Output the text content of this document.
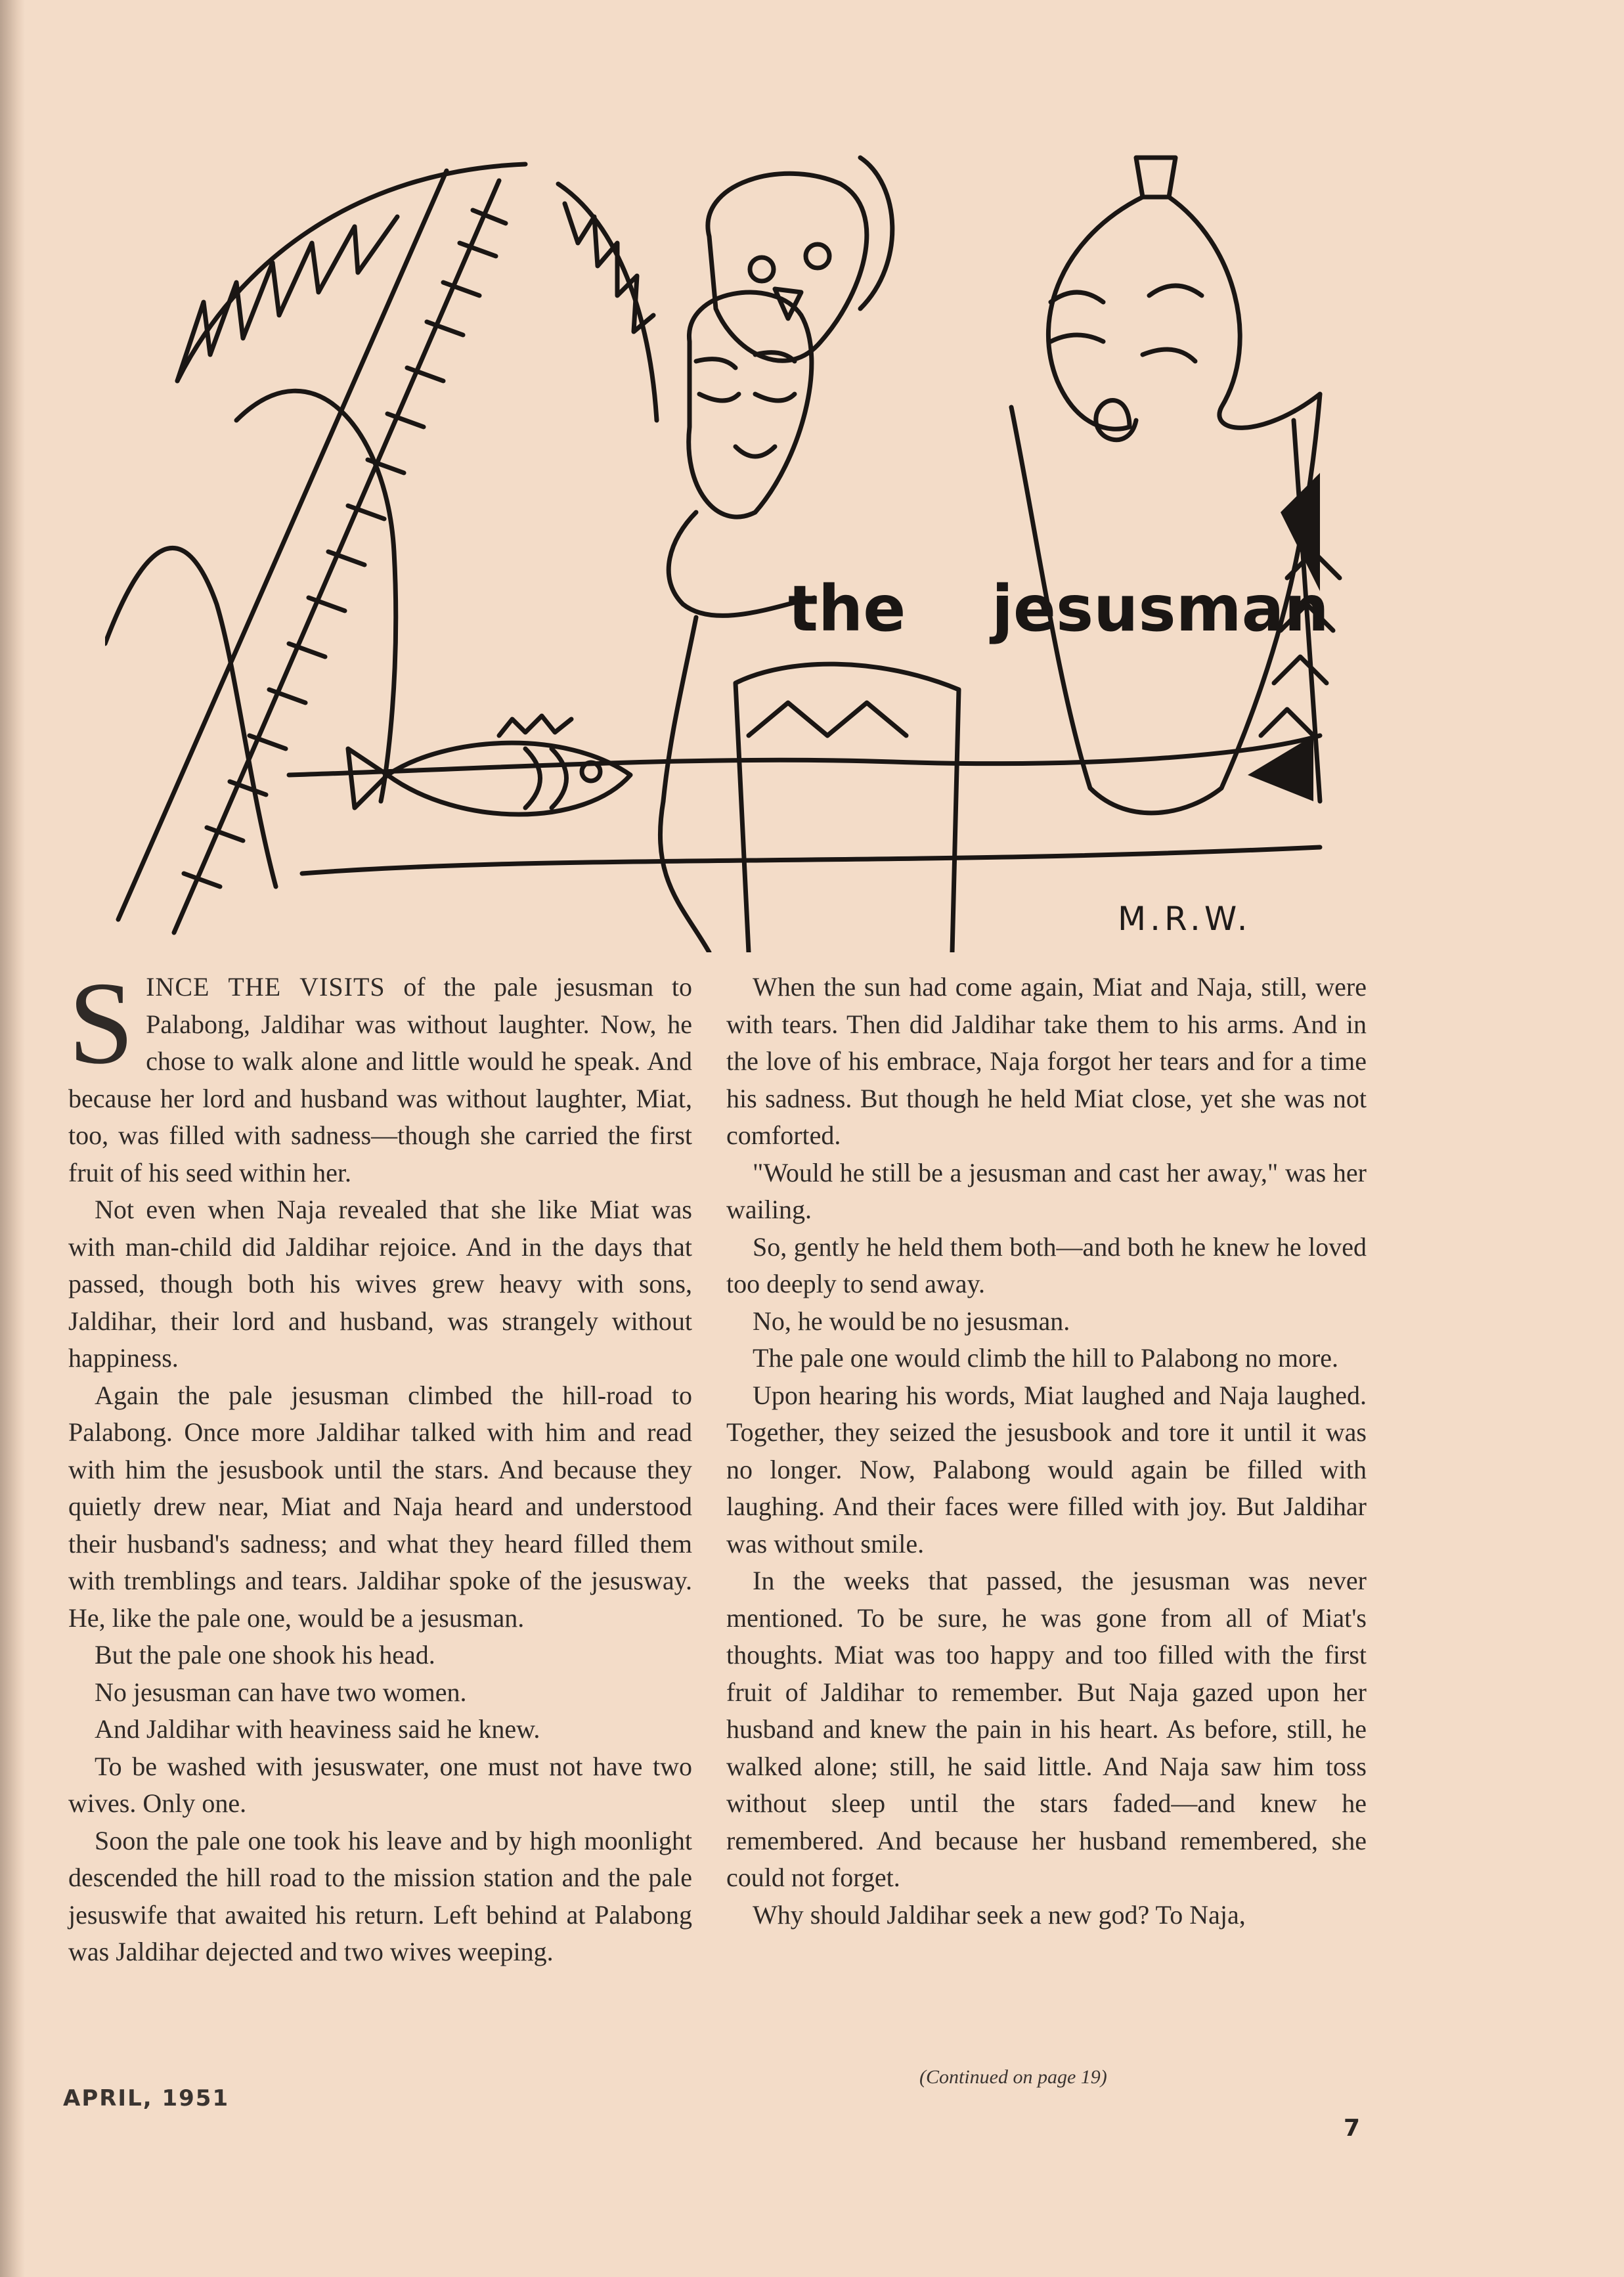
the jesusman
M.R.W.

SINCE THE VISITS of the pale jesusman to Palabong, Jaldihar was without laughter. Now, he chose to walk alone and little would he speak. And because her lord and husband was without laughter, Miat, too, was filled with sadness—though she carried the first fruit of his seed within her.

Not even when Naja revealed that she like Miat was with man-child did Jaldihar rejoice. And in the days that passed, though both his wives grew heavy with sons, Jaldihar, their lord and husband, was strangely without happiness.

Again the pale jesusman climbed the hill-road to Palabong. Once more Jaldihar talked with him and read with him the jesusbook until the stars. And because they quietly drew near, Miat and Naja heard and understood their husband's sadness; and what they heard filled them with tremblings and tears. Jaldihar spoke of the jesusway. He, like the pale one, would be a jesusman.

But the pale one shook his head.

No jesusman can have two women.

And Jaldihar with heaviness said he knew.

To be washed with jesuswater, one must not have two wives. Only one.

Soon the pale one took his leave and by high moonlight descended the hill road to the mission station and the pale jesuswife that awaited his return. Left behind at Palabong was Jaldihar dejected and two wives weeping.

When the sun had come again, Miat and Naja, still, were with tears. Then did Jaldihar take them to his arms. And in the love of his embrace, Naja forgot her tears and for a time his sadness. But though he held Miat close, yet she was not comforted.

"Would he still be a jesusman and cast her away," was her wailing.

So, gently he held them both—and both he knew he loved too deeply to send away.

No, he would be no jesusman.

The pale one would climb the hill to Palabong no more.

Upon hearing his words, Miat laughed and Naja laughed. Together, they seized the jesusbook and tore it until it was no longer. Now, Palabong would again be filled with laughing. And their faces were filled with joy. But Jaldihar was without smile.

In the weeks that passed, the jesusman was never mentioned. To be sure, he was gone from all of Miat's thoughts. Miat was too happy and too filled with the first fruit of Jaldihar to remember. But Naja gazed upon her husband and knew the pain in his heart. As before, still, he walked alone; still, he said little. And Naja saw him toss without sleep until the stars faded—and knew he remembered. And because her husband remembered, she could not forget.

Why should Jaldihar seek a new god? To Naja,

(Continued on page 19)
APRIL, 1951
7
